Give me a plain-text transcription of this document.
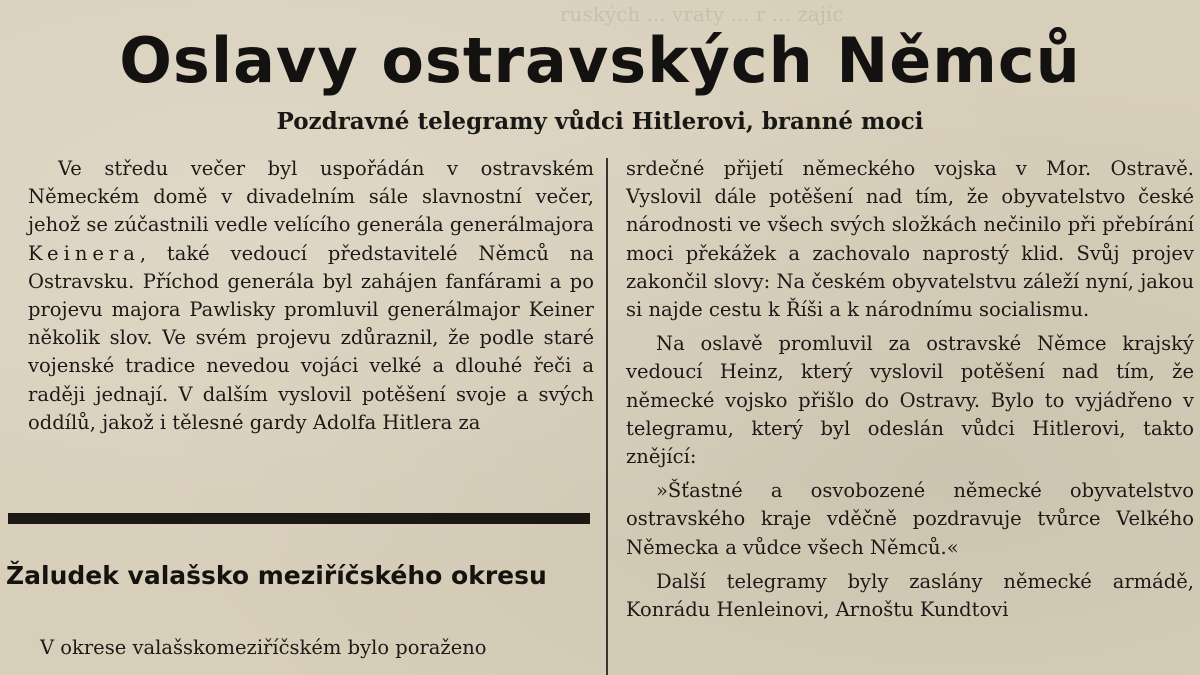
ruských ... vraty ... r ... zajíc
Oslavy ostravských Němců
Pozdravné telegramy vůdci Hitlerovi, branné moci

Ve středu večer byl uspořádán v ostravském Německém domě v divadelním sále slavnostní večer, jehož se zúčastnili vedle velícího generála generálmajora Keinera, také vedoucí představitelé Němců na Ostravsku. Příchod generála byl zahájen fanfárami a po projevu majora Pawlisky promluvil generálmajor Keiner několik slov. Ve svém projevu zdůraznil, že podle staré vojenské tradice nevedou vojáci velké a dlouhé řeči a raději jednají. V dalším vyslovil potěšení svoje a svých oddílů, jakož i tělesné gardy Adolfa Hitlera za

Žaludek valašsko meziříčského okresu

V okrese valašskomeziříčském bylo poraženo

srdečné přijetí německého vojska v Mor. Ostravě. Vyslovil dále potěšení nad tím, že obyvatelstvo české národnosti ve všech svých složkách nečinilo při přebírání moci překážek a zachovalo naprostý klid. Svůj projev zakončil slovy: Na českém obyvatelstvu záleží nyní, jakou si najde cestu k Říši a k národnímu socialismu.

Na oslavě promluvil za ostravské Němce krajský vedoucí Heinz, který vyslovil potěšení nad tím, že německé vojsko přišlo do Ostravy. Bylo to vyjádřeno v telegramu, který byl odeslán vůdci Hitlerovi, takto znějící:

»Šťastné a osvobozené německé obyvatelstvo ostravského kraje vděčně pozdravuje tvůrce Velkého Německa a vůdce všech Němců.«

Další telegramy byly zaslány německé armádě, Konrádu Henleinovi, Arnoštu Kundtovi
